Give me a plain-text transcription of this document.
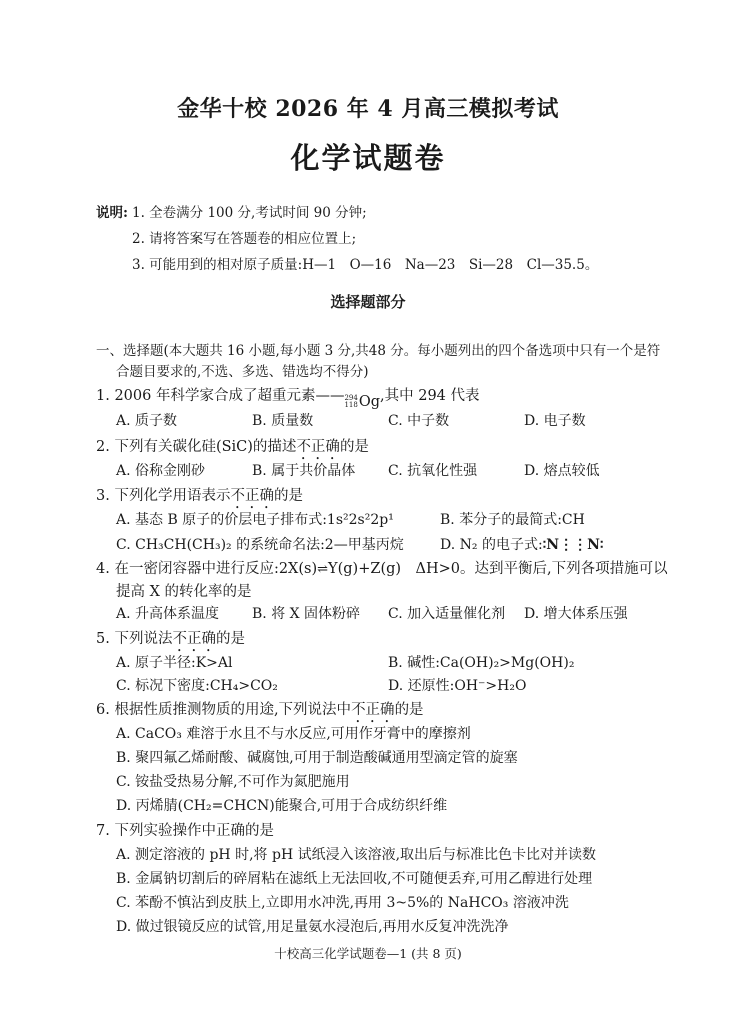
金华十校 2026 年 4 月高三模拟考试
化学试题卷
说明: 1. 全卷满分 100 分,考试时间 90 分钟;
2. 请将答案写在答题卷的相应位置上;
3. 可能用到的相对原子质量:H—1　O—16　Na—23　Si—28　Cl—35.5。
选择题部分
一、选择题(本大题共 16 小题,每小题 3 分,共48 分。每小题列出的四个备选项中只有一个是符
合题目要求的,不选、多选、错选均不得分)
1. 2006 年科学家合成了超重元素—— 294
118 Og ,其中 294 代表
A. 质子数	B. 质量数	C. 中子数	D. 电子数
2. 下列有关碳化硅(SiC)的描述不正确的是
A. 俗称金刚砂	B. 属于共价晶体 C. 抗氧化性强	D. 熔点较低
3. 下列化学用语表示不正确的是
A. 基态 B 原子的价层电子排布式:1s²2s²2p¹	B. 苯分子的最简式:CH
C. CH₃CH(CH₃)₂ 的系统命名法:2—甲基丙烷	D. N₂ 的电子式:∶N⋮⋮N∶
4. 在一密闭容器中进行反应:2X(s)⇌Y(g)+Z(g)　ΔH>0。达到平衡后,下列各项措施可以
提高 X 的转化率的是
A. 升高体系温度 B. 将 X 固体粉碎 C. 加入适量催化剂 D. 增大体系压强
5. 下列说法不正确的是
A. 原子半径:K>Al	B. 碱性:Ca(OH)₂>Mg(OH)₂
C. 标况下密度:CH₄>CO₂	D. 还原性:OH⁻>H₂O
6. 根据性质推测物质的用途,下列说法中不正确的是
A. CaCO₃ 难溶于水且不与水反应,可用作牙膏中的摩擦剂
B. 聚四氟乙烯耐酸、碱腐蚀,可用于制造酸碱通用型滴定管的旋塞
C. 铵盐受热易分解,不可作为氮肥施用
D. 丙烯腈(CH₂=CHCN)能聚合,可用于合成纺织纤维
7. 下列实验操作中正确的是
A. 测定溶液的 pH 时,将 pH 试纸浸入该溶液,取出后与标准比色卡比对并读数
B. 金属钠切割后的碎屑粘在滤纸上无法回收,不可随便丢弃,可用乙醇进行处理
C. 苯酚不慎沾到皮肤上,立即用水冲洗,再用 3~5%的 NaHCO₃ 溶液冲洗
D. 做过银镜反应的试管,用足量氨水浸泡后,再用水反复冲洗洗净
十校高三化学试题卷—1 (共 8 页)
